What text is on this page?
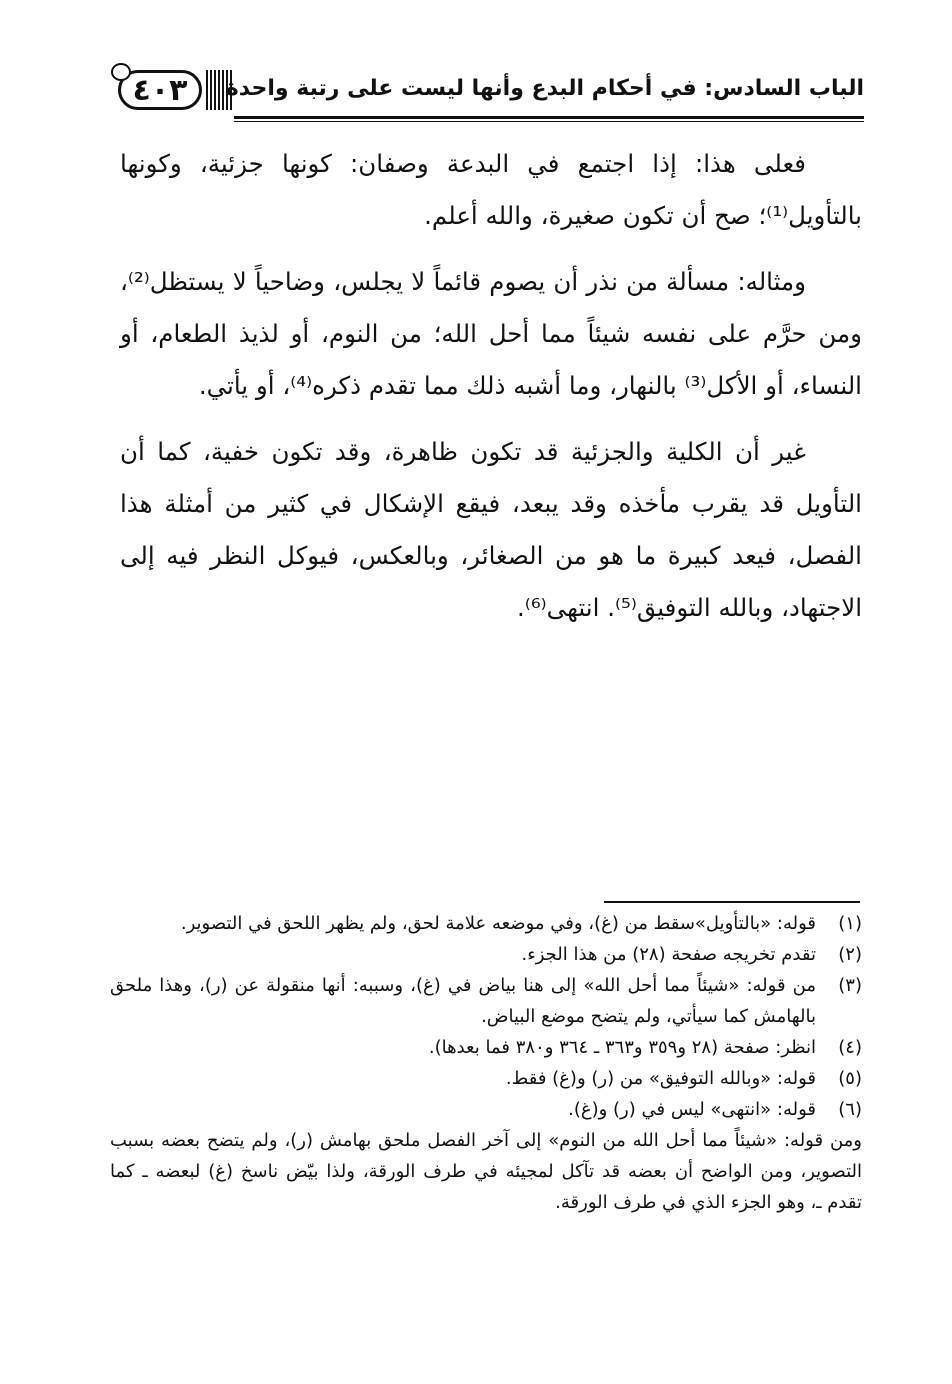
٤٠٣ الباب السادس: في أحكام البدع وأنها ليست على رتبة واحدة

فعلى هذا: إذا اجتمع في البدعة وصفان: كونها جزئية، وكونها بالتأويل⁽¹⁾؛ صح أن تكون صغيرة، والله أعلم.

ومثاله: مسألة من نذر أن يصوم قائماً لا يجلس، وضاحياً لا يستظل⁽²⁾، ومن حرَّم على نفسه شيئاً مما أحل الله؛ من النوم، أو لذيذ الطعام، أو النساء، أو الأكل⁽³⁾ بالنهار، وما أشبه ذلك مما تقدم ذكره⁽⁴⁾، أو يأتي.

غير أن الكلية والجزئية قد تكون ظاهرة، وقد تكون خفية، كما أن التأويل قد يقرب مأخذه وقد يبعد، فيقع الإشكال في كثير من أمثلة هذا الفصل، فيعد كبيرة ما هو من الصغائر، وبالعكس، فيوكل النظر فيه إلى الاجتهاد، وبالله التوفيق⁽⁵⁾. انتهى⁽⁶⁾.

(١)
قوله: «بالتأويل»سقط من (غ)، وفي موضعه علامة لحق، ولم يظهر اللحق في التصوير.
(٢)
تقدم تخريجه صفحة (٢٨) من هذا الجزء.
(٣)
من قوله: «شيئاً مما أحل الله» إلى هنا بياض في (غ)، وسببه: أنها منقولة عن (ر)، وهذا ملحق بالهامش كما سيأتي، ولم يتضح موضع البياض.
(٤)
انظر: صفحة (٢٨ و٣٥٩ و٣٦٣ ـ ٣٦٤ و٣٨٠ فما بعدها).
(٥)
قوله: «وبالله التوفيق» من (ر) و(غ) فقط.
(٦)
قوله: «انتهى» ليس في (ر) و(غ).

ومن قوله: «شيئاً مما أحل الله من النوم» إلى آخر الفصل ملحق بهامش (ر)، ولم يتضح بعضه بسبب التصوير، ومن الواضح أن بعضه قد تآكل لمجيئه في طرف الورقة، ولذا بيّض ناسخ (غ) لبعضه ـ كما تقدم ـ، وهو الجزء الذي في طرف الورقة.
